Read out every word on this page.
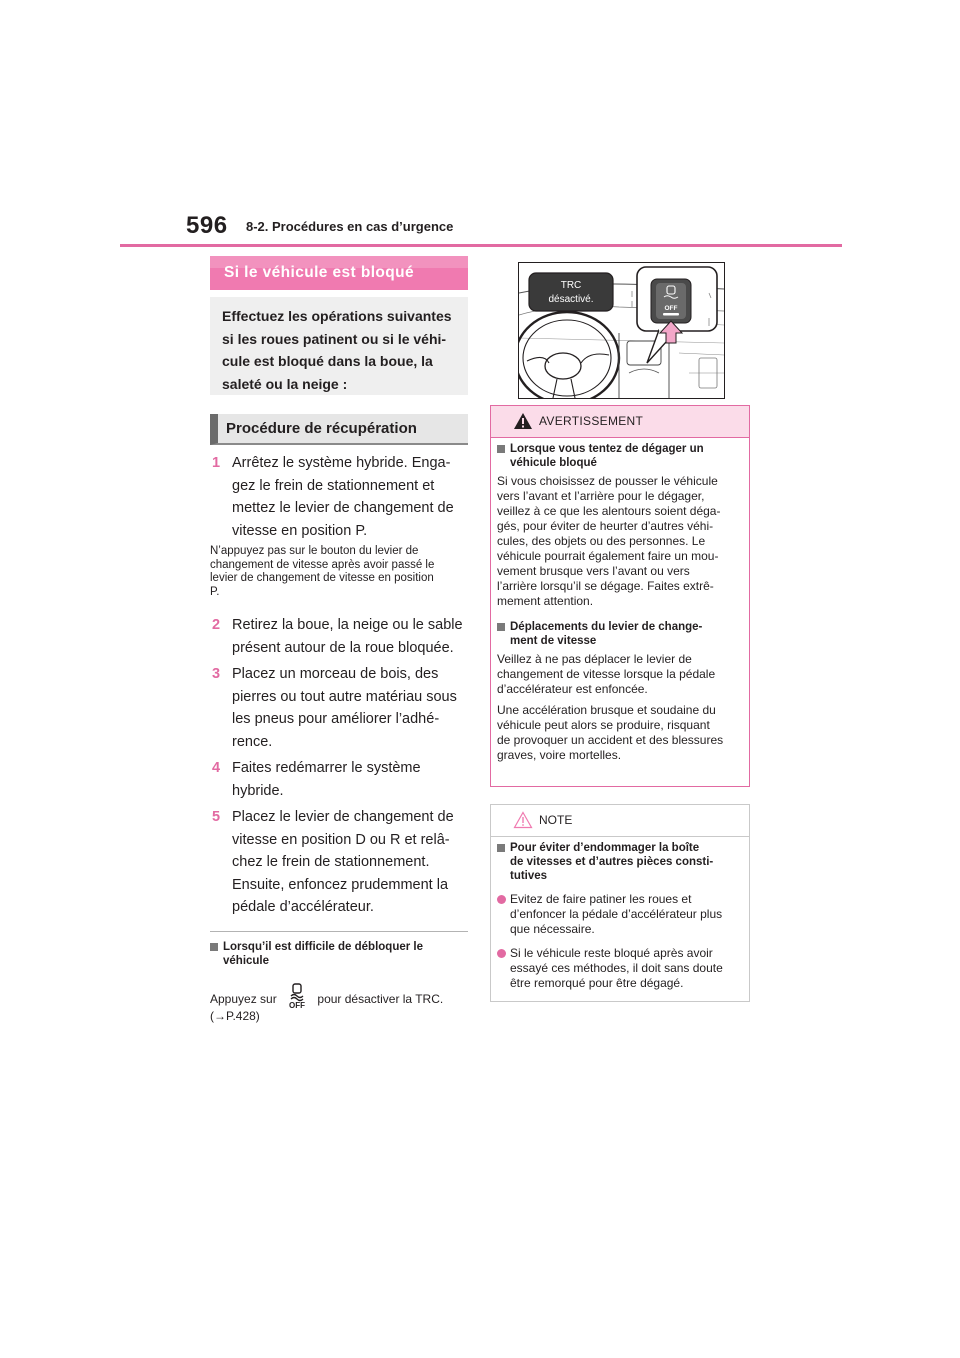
596 8-2. Procédures en cas d’urgence
Si le véhicule est bloqué
Effectuez les opérations suivantes
si les roues patinent ou si le véhi-
cule est bloqué dans la boue, la
saleté ou la neige :
Procédure de récupération
1 Arrêtez le système hybride. Enga-
gez le frein de stationnement et
mettez le levier de changement de
vitesse en position P.
N’appuyez pas sur le bouton du levier de
changement de vitesse après avoir passé le
levier de changement de vitesse en position
P.
2 Retirez la boue, la neige ou le sable
présent autour de la roue bloquée.
3 Placez un morceau de bois, des
pierres ou tout autre matériau sous
les pneus pour améliorer l’adhé-
rence.
4 Faites redémarrer le système
hybride.
5 Placez le levier de changement de
vitesse en position D ou R et relâ-
chez le frein de stationnement.
Ensuite, enfoncez prudemment la
pédale d’accélérateur.
Lorsqu’il est difficile de débloquer le
véhicule
Appuyez sur OFF pour désactiver la TRC.
(→P.428)
TRC
désactivé.
OFF
AVERTISSEMENT
Lorsque vous tentez de dégager un
véhicule bloqué
Si vous choisissez de pousser le véhicule
vers l’avant et l’arrière pour le dégager,
veillez à ce que les alentours soient déga-
gés, pour éviter de heurter d’autres véhi-
cules, des objets ou des personnes. Le
véhicule pourrait également faire un mou-
vement brusque vers l’avant ou vers
l’arrière lorsqu’il se dégage. Faites extrê-
mement attention.
Déplacements du levier de change-
ment de vitesse
Veillez à ne pas déplacer le levier de
changement de vitesse lorsque la pédale
d’accélérateur est enfoncée.
Une accélération brusque et soudaine du
véhicule peut alors se produire, risquant
de provoquer un accident et des blessures
graves, voire mortelles.
NOTE
Pour éviter d’endommager la boîte
de vitesses et d’autres pièces consti-
tutives
Evitez de faire patiner les roues et
d’enfoncer la pédale d’accélérateur plus
que nécessaire.
Si le véhicule reste bloqué après avoir
essayé ces méthodes, il doit sans doute
être remorqué pour être dégagé.
